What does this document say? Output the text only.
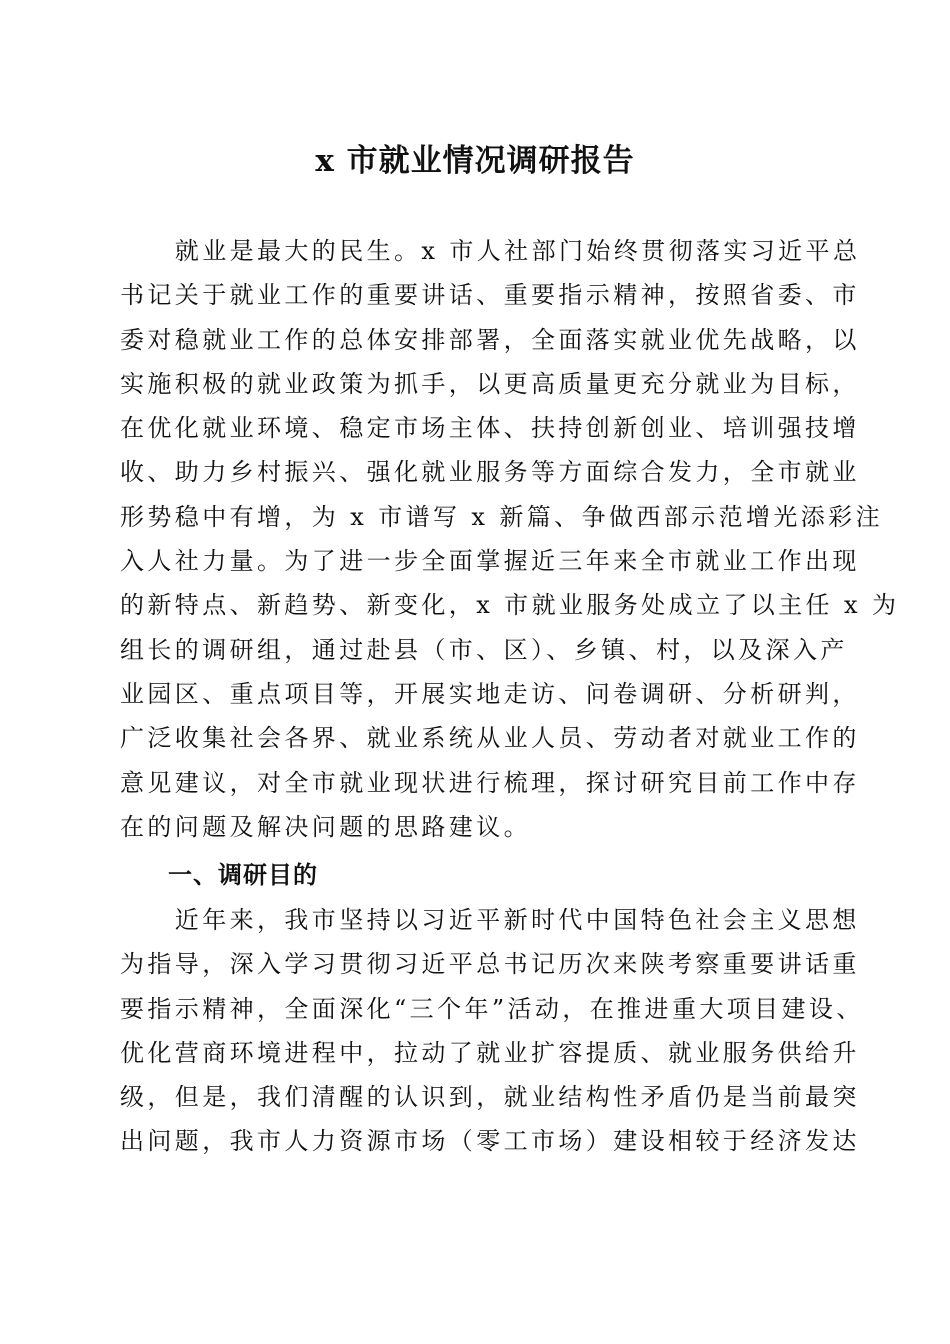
x 市就业情况调研报告
　　就业是最大的民生。x 市人社部门始终贯彻落实习近平总
书记关于就业工作的重要讲话、重要指示精神，按照省委、市
委对稳就业工作的总体安排部署，全面落实就业优先战略，以
实施积极的就业政策为抓手，以更高质量更充分就业为目标，
在优化就业环境、稳定市场主体、扶持创新创业、培训强技增
收、助力乡村振兴、强化就业服务等方面综合发力，全市就业
形势稳中有增，为 x 市谱写 x 新篇、争做西部示范增光添彩注
入人社力量。为了进一步全面掌握近三年来全市就业工作出现
的新特点、新趋势、新变化，x 市就业服务处成立了以主任 x 为
组长的调研组，通过赴县（市、区）、乡镇、村，以及深入产
业园区、重点项目等，开展实地走访、问卷调研、分析研判，
广泛收集社会各界、就业系统从业人员、劳动者对就业工作的
意见建议，对全市就业现状进行梳理，探讨研究目前工作中存
在的问题及解决问题的思路建议。
一、调研目的
　　近年来，我市坚持以习近平新时代中国特色社会主义思想
为指导，深入学习贯彻习近平总书记历次来陕考察重要讲话重
要指示精神，全面深化“三个年”活动，在推进重大项目建设、
优化营商环境进程中，拉动了就业扩容提质、就业服务供给升
级，但是，我们清醒的认识到，就业结构性矛盾仍是当前最突
出问题，我市人力资源市场（零工市场）建设相较于经济发达
